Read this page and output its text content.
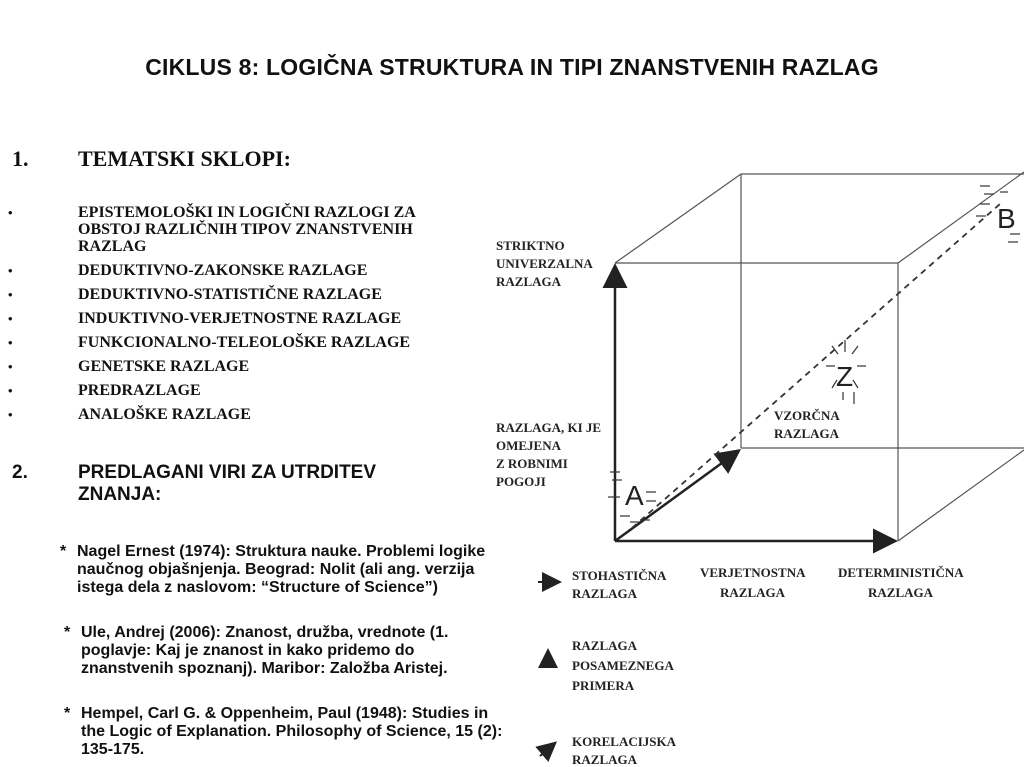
CIKLUS 8: LOGIČNA STRUKTURA IN TIPI ZNANSTVENIH RAZLAG
1. TEMATSKI SKLOPI:
•	EPISTEMOLOŠKI IN LOGIČNI RAZLOGI ZA OBSTOJ RAZLIČNIH TIPOV ZNANSTVENIH RAZLAG
•	DEDUKTIVNO-ZAKONSKE RAZLAGE
•	DEDUKTIVNO-STATISTIČNE RAZLAGE
•	INDUKTIVNO-VERJETNOSTNE RAZLAGE
•	FUNKCIONALNO-TELEOLOŠKE RAZLAGE
•	GENETSKE RAZLAGE
•	PREDRAZLAGE
•	ANALOŠKE RAZLAGE
2.	PREDLAGANI VIRI ZA UTRDITEV ZNANJA:
* Nagel Ernest (1974): Struktura nauke. Problemi logike naučnog objašnjenja. Beograd: Nolit (ali ang. verzija istega dela z naslovom: “Structure of Science”)
* Ule, Andrej (2006): Znanost, družba, vrednote (1. poglavje: Kaj je znanost in kako pridemo do znanstvenih spoznanj). Maribor: Založba Aristej.
* Hempel, Carl G. & Oppenheim, Paul (1948): Studies in the Logic of Explanation. Philosophy of Science, 15 (2): 135-175.
A
Z
B
STRIKTNO
UNIVERZALNA
RAZLAGA
RAZLAGA, KI JE
OMEJENA
Z ROBNIMI
POGOJI
VZORČNA
RAZLAGA
STOHASTIČNA
RAZLAGA
VERJETNOSTNA
RAZLAGA
DETERMINISTIČNA
RAZLAGA
RAZLAGA
POSAMEZNEGA
PRIMERA
KORELACIJSKA
RAZLAGA
